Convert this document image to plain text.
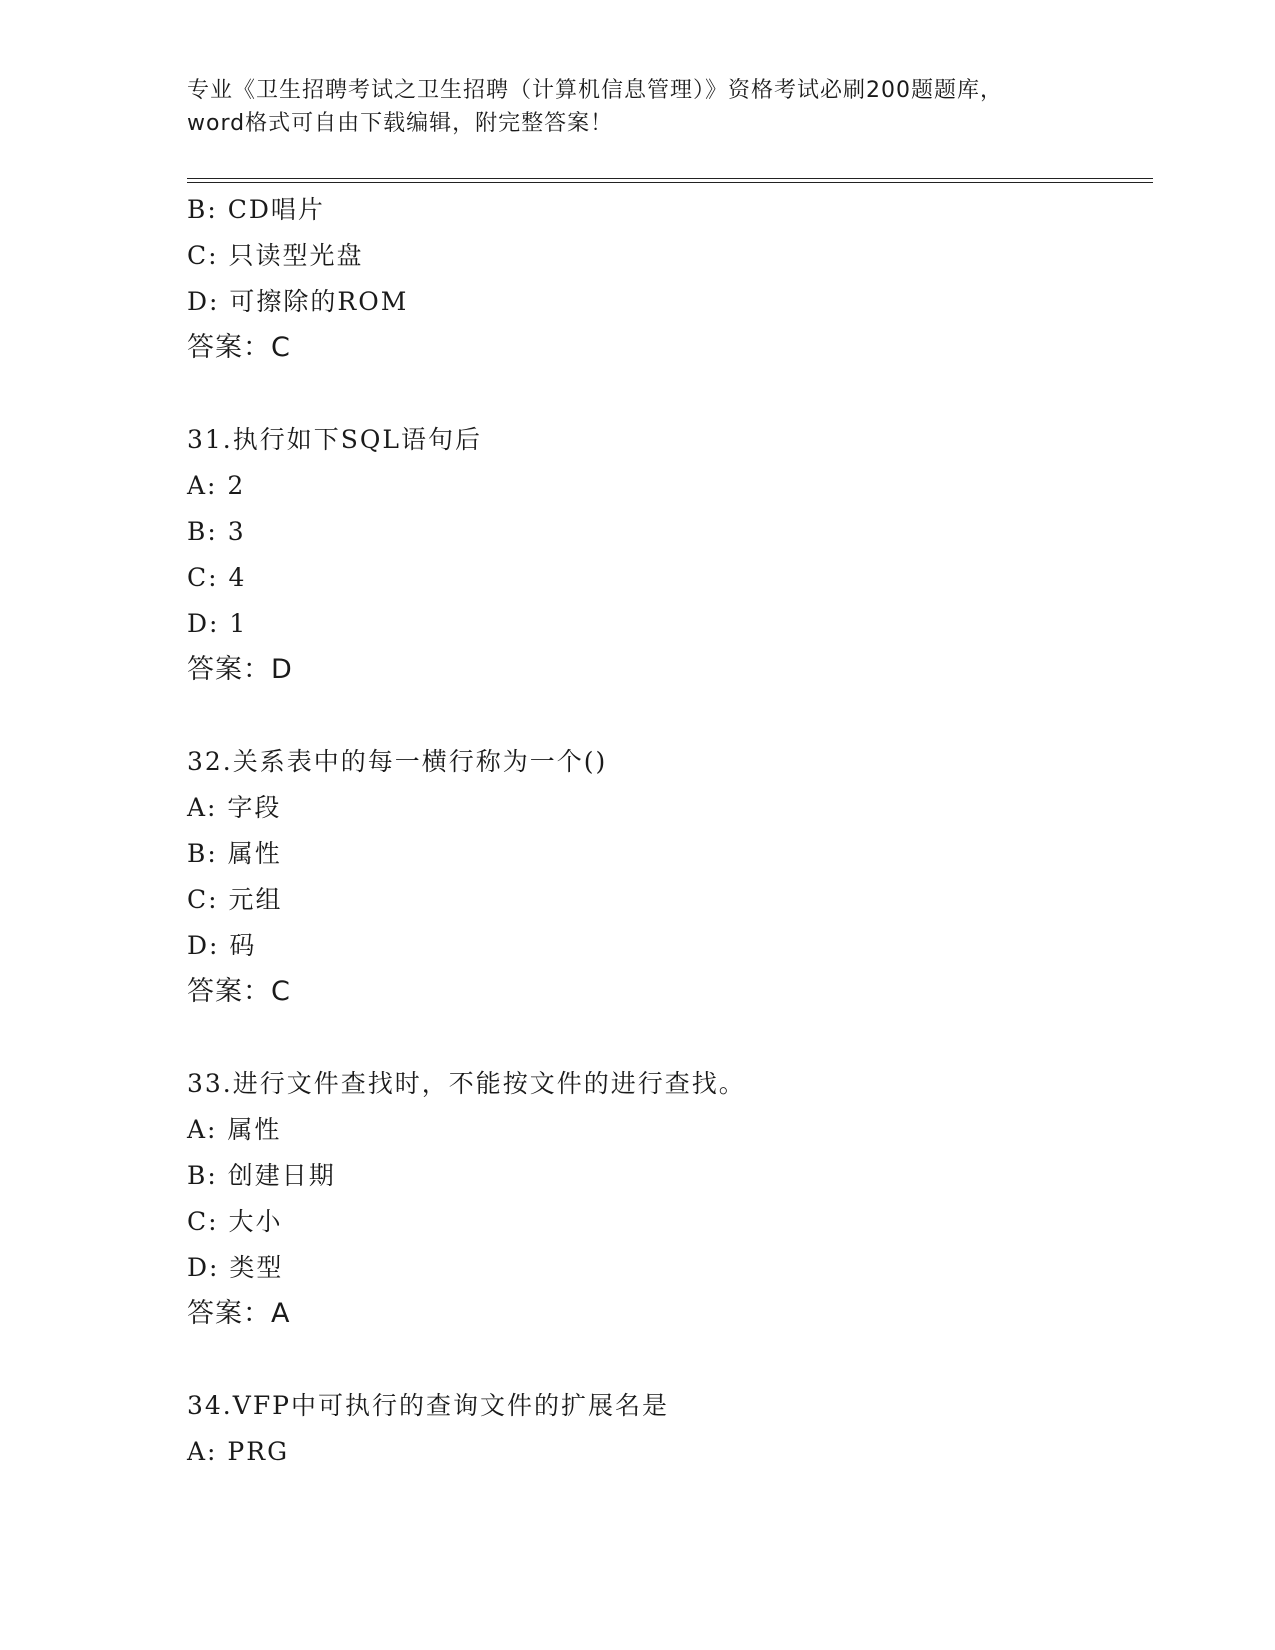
专业《卫生招聘考试之卫生招聘（计算机信息管理）》资格考试必刷200题题库，
word格式可自由下载编辑，附完整答案！
B: CD唱片
C: 只读型光盘
D: 可擦除的ROM
答案：C
31.执行如下SQL语句后
A: 2
B: 3
C: 4
D: 1
答案：D
32.关系表中的每一横行称为一个()
A: 字段
B: 属性
C: 元组
D: 码
答案：C
33.进行文件查找时，不能按文件的进行查找。
A: 属性
B: 创建日期
C: 大小
D: 类型
答案：A
34.VFP中可执行的查询文件的扩展名是
A: PRG
